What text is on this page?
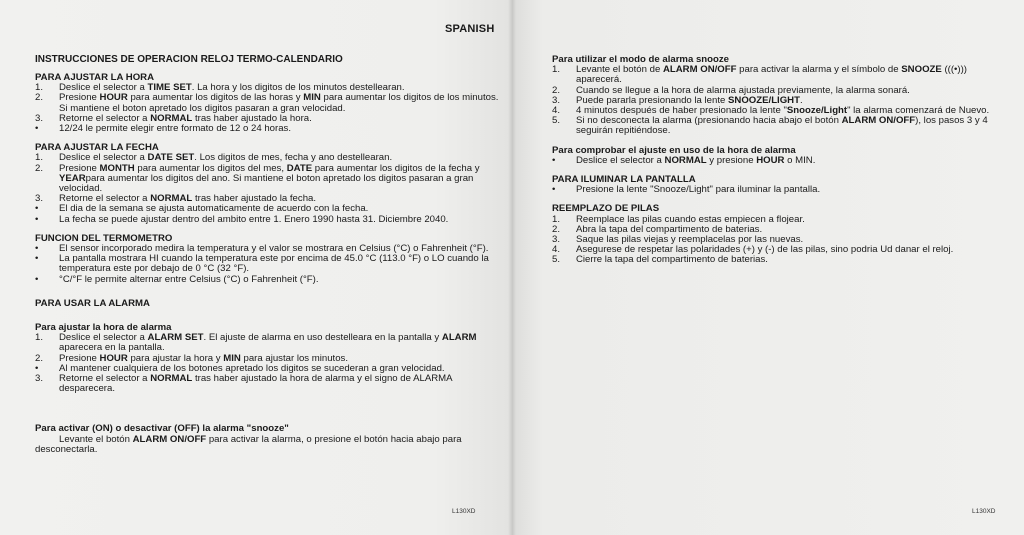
SPANISH
INSTRUCCIONES DE OPERACION RELOJ TERMO-CALENDARIO

PARA AJUSTAR LA HORA

1.	Deslice el selector a TIME SET. La hora y los digitos de los minutos destellearan.
2.	Presione HOUR para aumentar los digitos de las horas y MIN para aumentar los digitos de los minutos. Si mantiene el boton apretado los digitos pasaran a gran velocidad.
3.	Retorne el selector a NORMAL tras haber ajustado la hora.
•	12/24 le permite elegir entre formato de 12 o 24 horas.

PARA AJUSTAR LA FECHA

1.	Deslice el selector a DATE SET. Los digitos de mes, fecha y ano destellearan.
2.	Presione MONTH para aumentar los digitos del mes, DATE para aumentar los digitos de la fecha y YEARpara aumentar los digitos del ano. Si mantiene el boton apretado los digitos pasaran a gran velocidad.
3.	Retorne el selector a NORMAL tras haber ajustado la fecha.
•	El dia de la semana se ajusta automaticamente de acuerdo con la fecha.
•	La fecha se puede ajustar dentro del ambito entre 1. Enero 1990 hasta 31. Diciembre 2040.

FUNCION DEL TERMOMETRO

•	El sensor incorporado medira la temperatura y el valor se mostrara en Celsius (°C) o Fahrenheit (°F).
•	La pantalla mostrara HI cuando la temperatura este por encima de 45.0 °C (113.0 °F) o LO cuando la temperatura este por debajo de 0 °C (32 °F).
•	°C/°F le permite alternar entre Celsius (°C) o Fahrenheit (°F).

PARA USAR LA ALARMA

Para ajustar la hora de alarma

1.	Deslice el selector a ALARM SET. El ajuste de alarma en uso destelleara en la pantalla y ALARM aparecera en la pantalla.
2.	Presione HOUR para ajustar la hora y MIN para ajustar los minutos.
•	Al mantener cualquiera de los botones apretado los digitos se sucederan a gran velocidad.
3.	Retorne el selector a NORMAL tras haber ajustado la hora de alarma y el signo de ALARMA desparecera.

Para activar (ON) o desactivar (OFF) la alarma "snooze"

Levante el botón ALARM ON/OFF para activar la alarma, o presione el botón hacia abajo para desconectarla.

Para utilizar el modo de alarma snooze

1.	Levante el botón de ALARM ON/OFF para activar la alarma y el símbolo de SNOOZE (((•))) aparecerá.
2.	Cuando se llegue a la hora de alarma ajustada previamente, la alarma sonará.
3.	Puede pararla presionando la lente SNOOZE/LIGHT.
4.	4 minutos después de haber presionado la lente "Snooze/Light" la alarma comenzará de Nuevo.
5.	Si no desconecta la alarma (presionando hacia abajo el botón ALARM ON/OFF), los pasos 3 y 4 seguirán repitiéndose.

Para comprobar el ajuste en uso de la hora de alarma

•	Deslice el selector a NORMAL y presione HOUR o MIN.

PARA ILUMINAR LA PANTALLA

•	Presione la lente "Snooze/Light" para iluminar la pantalla.

REEMPLAZO DE PILAS

1.	Reemplace las pilas cuando estas empiecen a flojear.
2.	Abra la tapa del compartimento de baterias.
3.	Saque las pilas viejas y reemplacelas por las nuevas.
4.	Asegurese de respetar las polaridades (+) y (-) de las pilas, sino podria Ud danar el reloj.
5.	Cierre la tapa del compartimento de baterias.
L130XD	L130XD
